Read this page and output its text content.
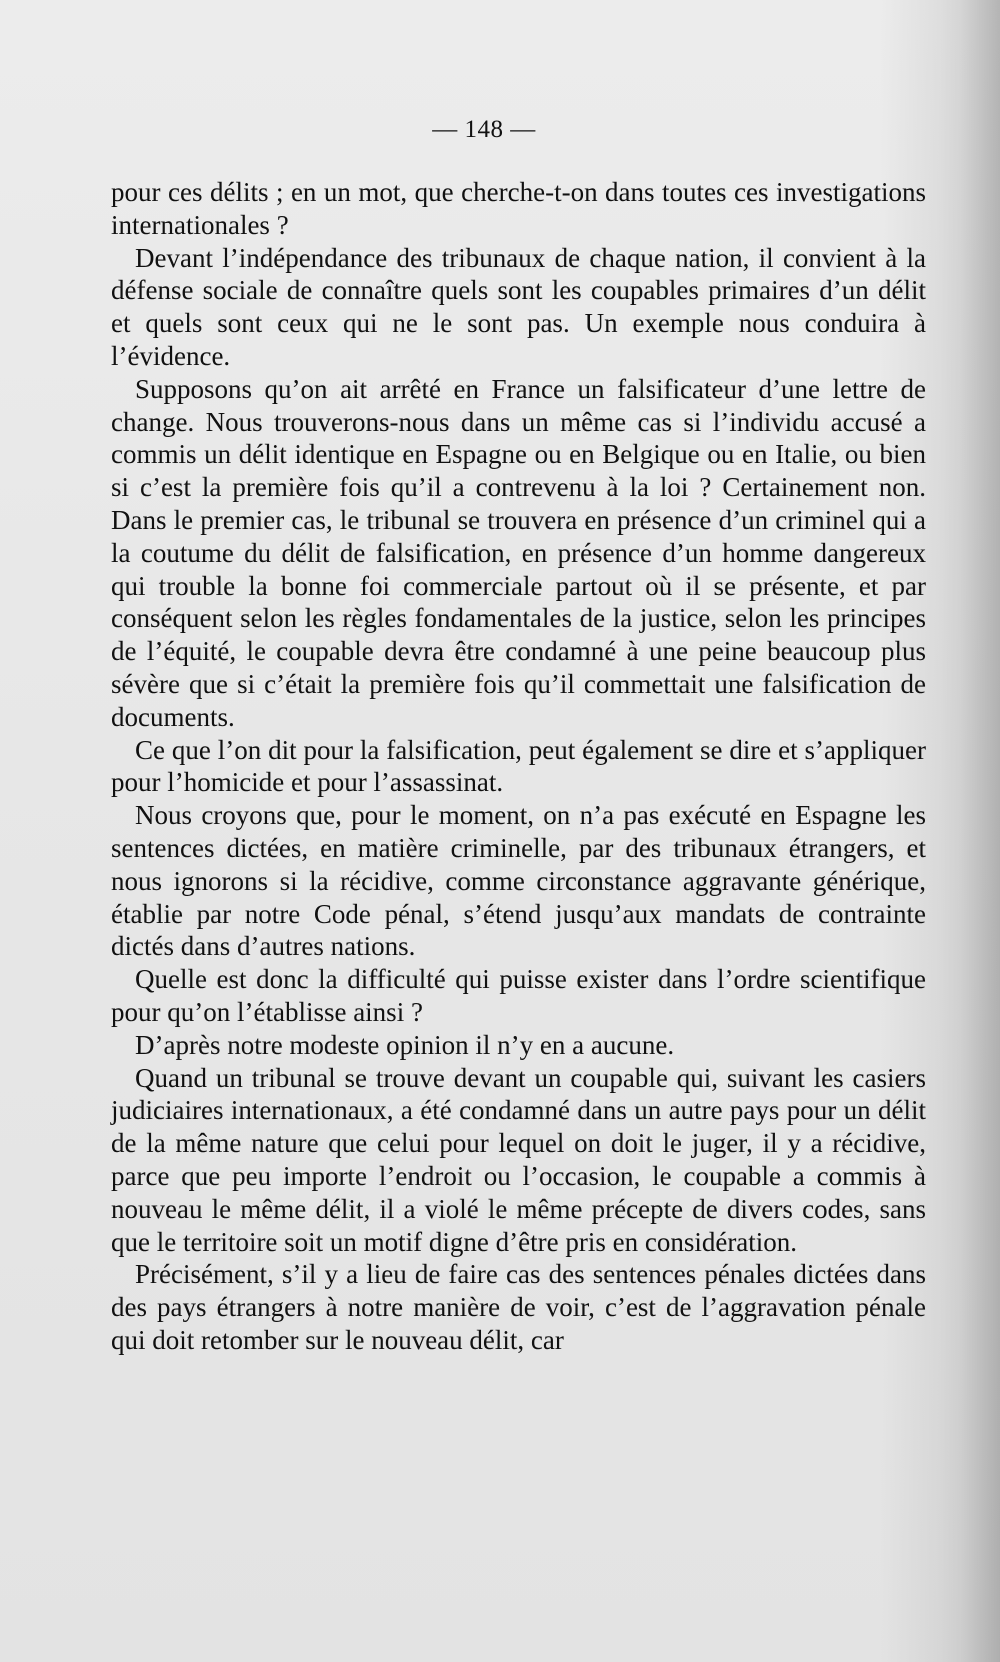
— 148 —

pour ces délits ; en un mot, que cherche-t-on dans toutes ces investigations internationales ?

Devant l’indépendance des tribunaux de chaque nation, il convient à la défense sociale de connaître quels sont les coupables primaires d’un délit et quels sont ceux qui ne le sont pas. Un exemple nous conduira à l’évidence.

Supposons qu’on ait arrêté en France un falsificateur d’une lettre de change. Nous trouverons-nous dans un même cas si l’individu accusé a commis un délit identique en Espagne ou en Belgique ou en Italie, ou bien si c’est la première fois qu’il a contrevenu à la loi ? Certainement non. Dans le premier cas, le tribunal se trouvera en présence d’un criminel qui a la coutume du délit de falsification, en présence d’un homme dangereux qui trouble la bonne foi commerciale partout où il se présente, et par conséquent selon les règles fondamentales de la justice, selon les principes de l’équité, le coupable devra être condamné à une peine beaucoup plus sévère que si c’était la première fois qu’il commettait une falsification de documents.

Ce que l’on dit pour la falsification, peut également se dire et s’appliquer pour l’homicide et pour l’assassinat.

Nous croyons que, pour le moment, on n’a pas exécuté en Espagne les sentences dictées, en matière criminelle, par des tribunaux étrangers, et nous ignorons si la récidive, comme circonstance aggravante générique, établie par notre Code pénal, s’étend jusqu’aux mandats de contrainte dictés dans d’autres nations.

Quelle est donc la difficulté qui puisse exister dans l’ordre scientifique pour qu’on l’établisse ainsi ?

D’après notre modeste opinion il n’y en a aucune.

Quand un tribunal se trouve devant un coupable qui, suivant les casiers judiciaires internationaux, a été condamné dans un autre pays pour un délit de la même nature que celui pour lequel on doit le juger, il y a récidive, parce que peu importe l’endroit ou l’occasion, le coupable a commis à nouveau le même délit, il a violé le même précepte de divers codes, sans que le territoire soit un motif digne d’être pris en considération.

Précisément, s’il y a lieu de faire cas des sentences pénales dictées dans des pays étrangers à notre manière de voir, c’est de l’aggravation pénale qui doit retomber sur le nouveau délit, car
